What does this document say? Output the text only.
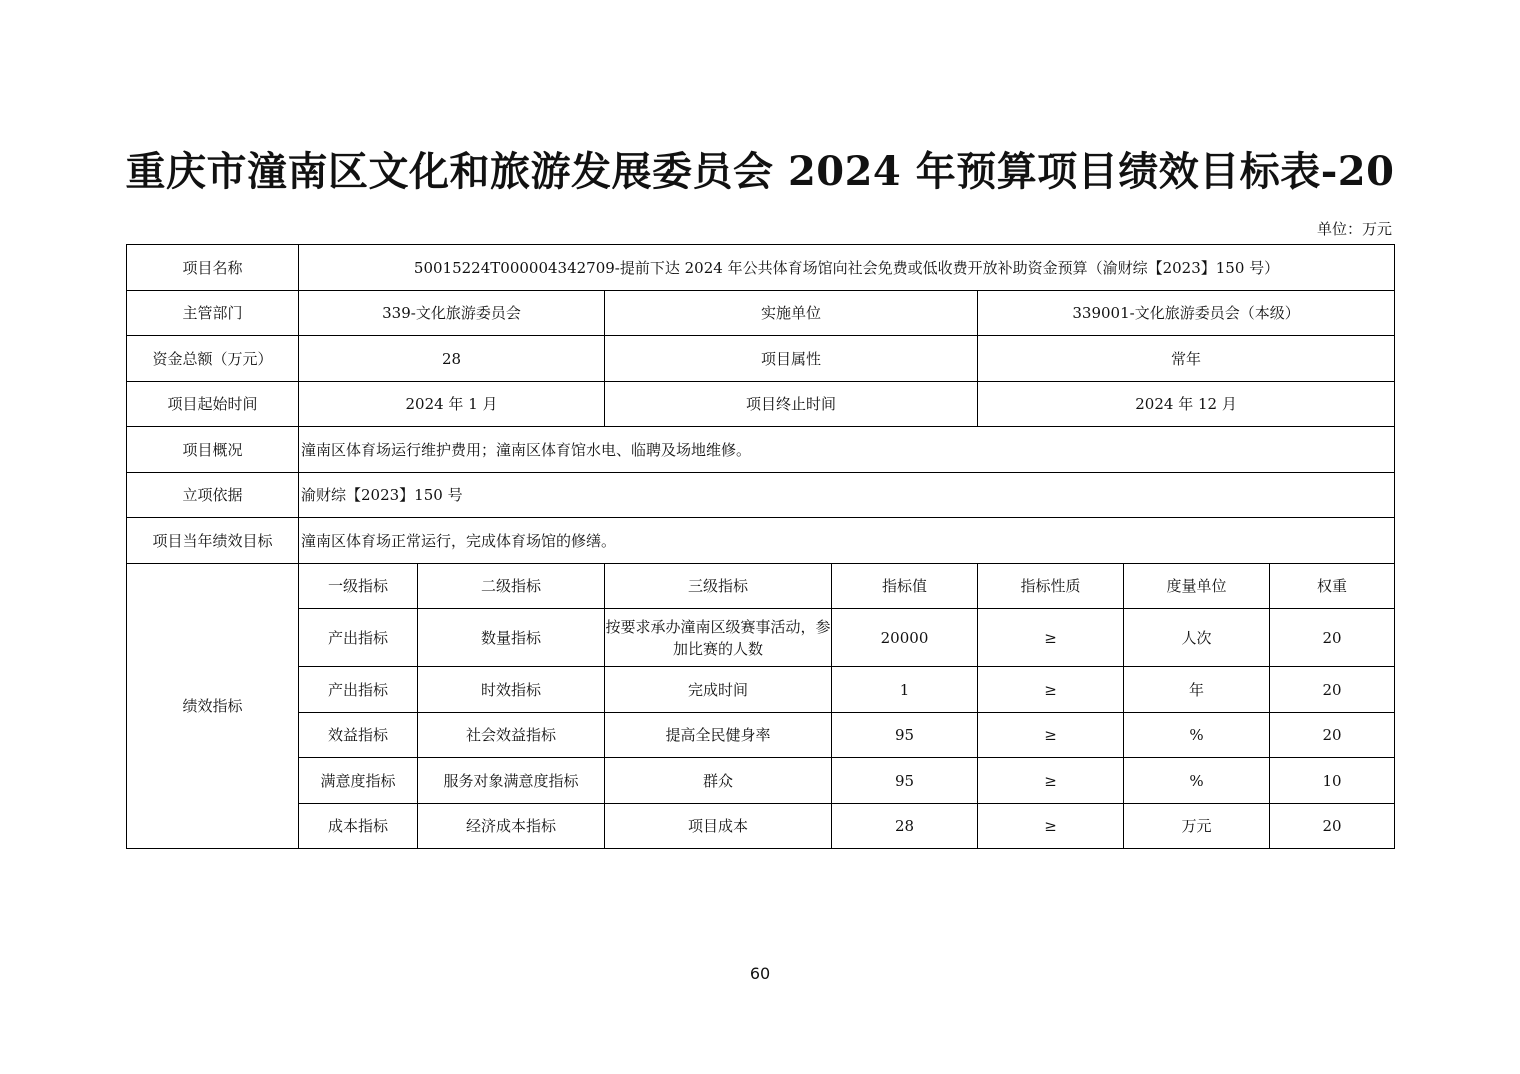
重庆市潼南区文化和旅游发展委员会 2024 年预算项目绩效目标表-20
单位：万元
项目名称	50015224T000004342709-提前下达 2024 年公共体育场馆向社会免费或低收费开放补助资金预算（渝财综【2023】150 号）						
主管部门	339-文化旅游委员会		实施单位		339001-文化旅游委员会（本级）		
资金总额（万元）	28		项目属性		常年		
项目起始时间	2024 年 1 月		项目终止时间		2024 年 12 月		
项目概况	潼南区体育场运行维护费用；潼南区体育馆水电、临聘及场地维修。						
立项依据	渝财综【2023】150 号						
项目当年绩效目标	潼南区体育场正常运行，完成体育场馆的修缮。						
绩效指标	一级指标	二级指标	三级指标	指标值	指标性质	度量单位	权重
	产出指标	数量指标	按要求承办潼南区级赛事活动，参加比赛的人数	20000	≥	人次	20
	产出指标	时效指标	完成时间	1	≥	年	20
	效益指标	社会效益指标	提高全民健身率	95	≥	%	20
	满意度指标	服务对象满意度指标	群众	95	≥	%	10
	成本指标	经济成本指标	项目成本	28	≥	万元	20
60
